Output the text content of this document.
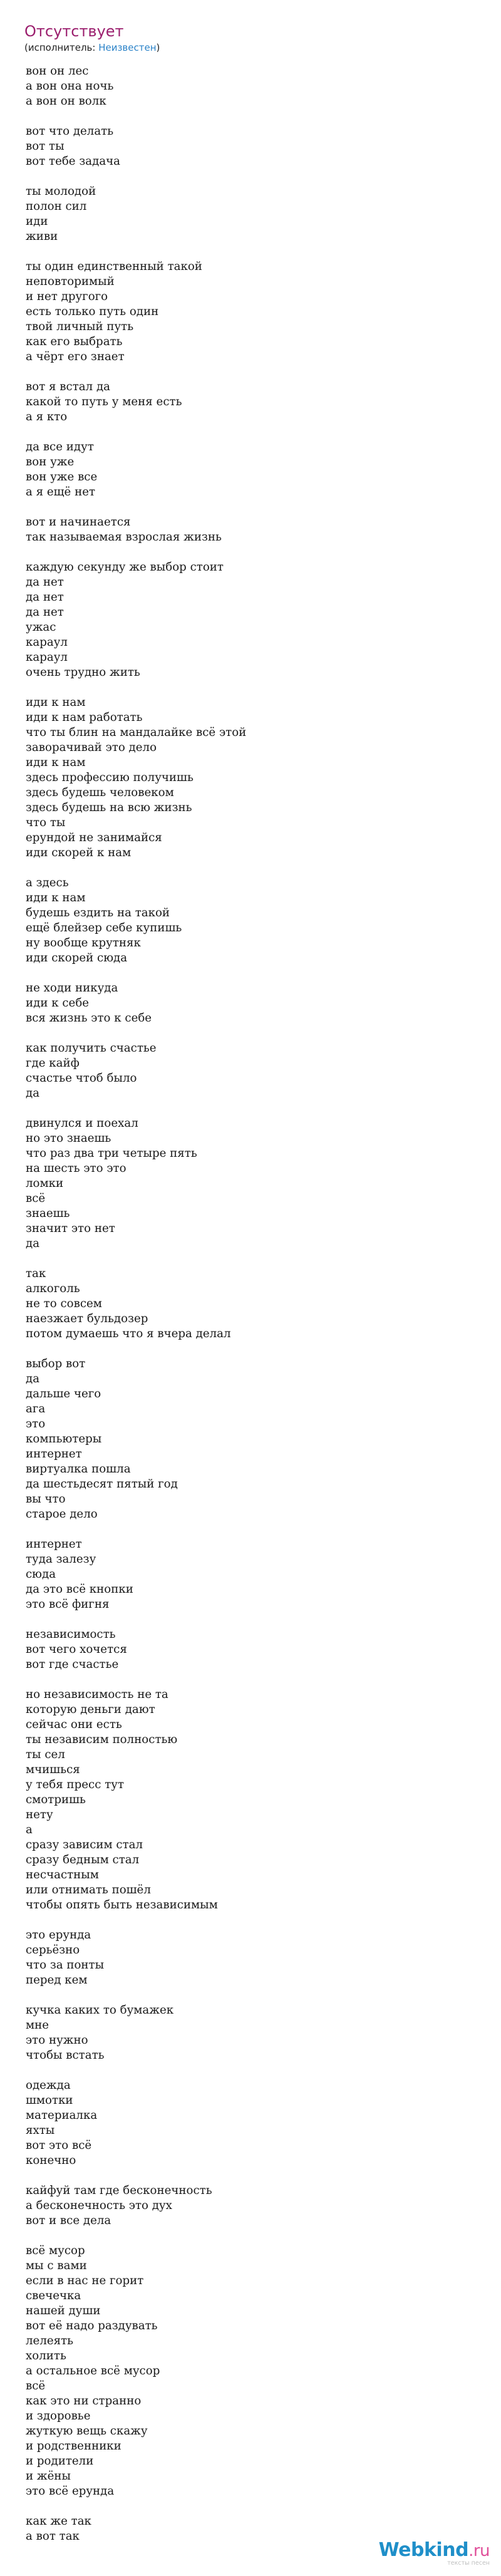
Отсутствует
(исполнитель: Неизвестен)
вон он лес
а вон она ночь
а вон он волк
вот что делать
вот ты
вот тебе задача
ты молодой
полон сил
иди
живи
ты один единственный такой
неповторимый
и нет другого
есть только путь один
твой личный путь
как его выбрать
а чёрт его знает
вот я встал да
какой то путь у меня есть
а я кто
да все идут
вон уже
вон уже все
а я ещё нет
вот и начинается
так называемая взрослая жизнь
каждую секунду же выбор стоит
да нет
да нет
да нет
ужас
караул
караул
очень трудно жить
иди к нам
иди к нам работать
что ты блин на мандалайке всё этой
заворачивай это дело
иди к нам
здесь профессию получишь
здесь будешь человеком
здесь будешь на всю жизнь
что ты
ерундой не занимайся
иди скорей к нам
а здесь
иди к нам
будешь ездить на такой
ещё блейзер себе купишь
ну вообще крутняк
иди скорей сюда
не ходи никуда
иди к себе
вся жизнь это к себе
как получить счастье
где кайф
счастье чтоб было
да
двинулся и поехал
но это знаешь
что раз два три четыре пять
на шесть это это
ломки
всё
знаешь
значит это нет
да
так
алкоголь
не то совсем
наезжает бульдозер
потом думаешь что я вчера делал
выбор вот
да
дальше чего
ага
это
компьютеры
интернет
виртуалка пошла
да шестьдесят пятый год
вы что
старое дело
интернет
туда залезу
сюда
да это всё кнопки
это всё фигня
независимость
вот чего хочется
вот где счастье
но независимость не та
которую деньги дают
сейчас они есть
ты независим полностью
ты сел
мчишься
у тебя пресс тут
смотришь
нету
а
сразу зависим стал
сразу бедным стал
несчастным
или отнимать пошёл
чтобы опять быть независимым
это ерунда
серьёзно
что за понты
перед кем
кучка каких то бумажек
мне
это нужно
чтобы встать
одежда
шмотки
материалка
яхты
вот это всё
конечно
кайфуй там где бесконечность
а бесконечность это дух
вот и все дела
всё мусор
мы с вами
если в нас не горит
свечечка
нашей души
вот её надо раздувать
лелеять
холить
а остальное всё мусор
всё
как это ни странно
и здоровье
жуткую вещь скажу
и родственники
и родители
и жёны
это всё ерунда
как же так
а вот так
Webkind.ru
тексты песен
